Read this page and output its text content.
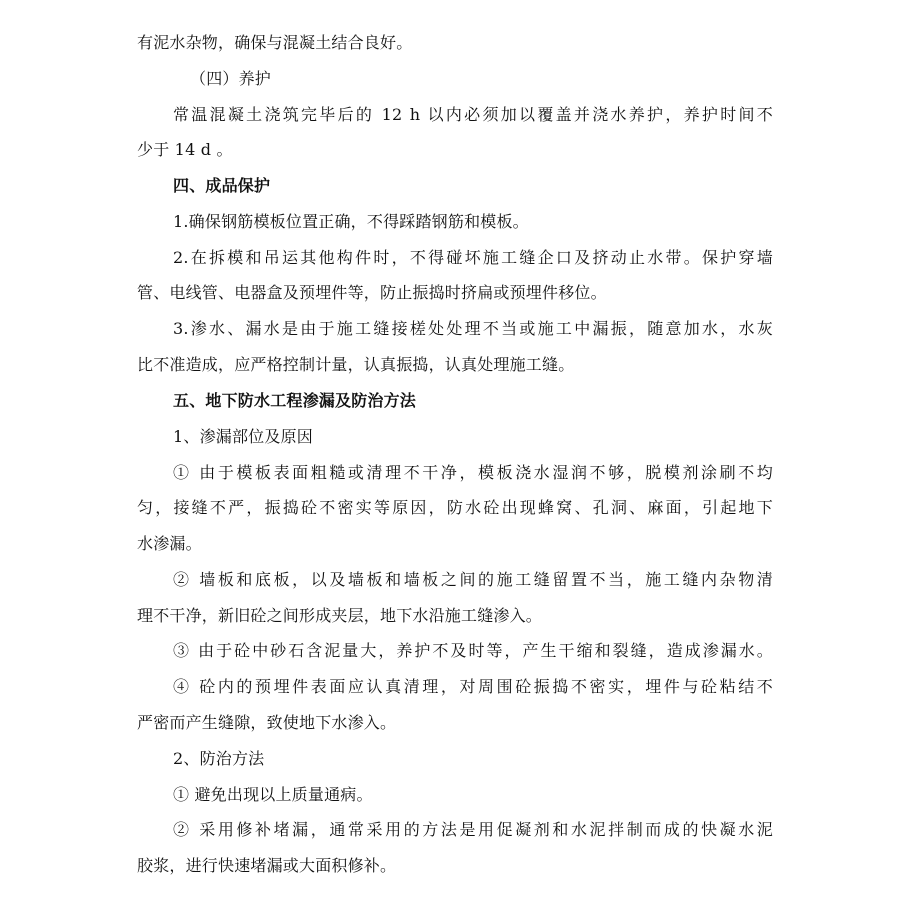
有泥水杂物，确保与混凝土结合良好。
（四）养护
常温混凝土浇筑完毕后的 12 h 以内必须加以覆盖并浇水养护，养护时间不
少于 14 d 。
四、成品保护
1.确保钢筋模板位置正确，不得踩踏钢筋和模板。
2.在拆模和吊运其他构件时，不得碰坏施工缝企口及挤动止水带。保护穿墙
管、电线管、电器盒及预埋件等，防止振捣时挤扁或预埋件移位。
3.渗水、漏水是由于施工缝接槎处处理不当或施工中漏振，随意加水，水灰
比不准造成，应严格控制计量，认真振捣，认真处理施工缝。
五、地下防水工程渗漏及防治方法
1、渗漏部位及原因
① 由于模板表面粗糙或清理不干净，模板浇水湿润不够，脱模剂涂刷不均
匀，接缝不严，振捣砼不密实等原因，防水砼出现蜂窝、孔洞、麻面，引起地下
水渗漏。
② 墙板和底板，以及墙板和墙板之间的施工缝留置不当，施工缝内杂物清
理不干净，新旧砼之间形成夹层，地下水沿施工缝渗入。
③ 由于砼中砂石含泥量大，养护不及时等，产生干缩和裂缝，造成渗漏水。
④ 砼内的预埋件表面应认真清理，对周围砼振捣不密实，埋件与砼粘结不
严密而产生缝隙，致使地下水渗入。
2、防治方法
① 避免出现以上质量通病。
② 采用修补堵漏，通常采用的方法是用促凝剂和水泥拌制而成的快凝水泥
胶浆，进行快速堵漏或大面积修补。
